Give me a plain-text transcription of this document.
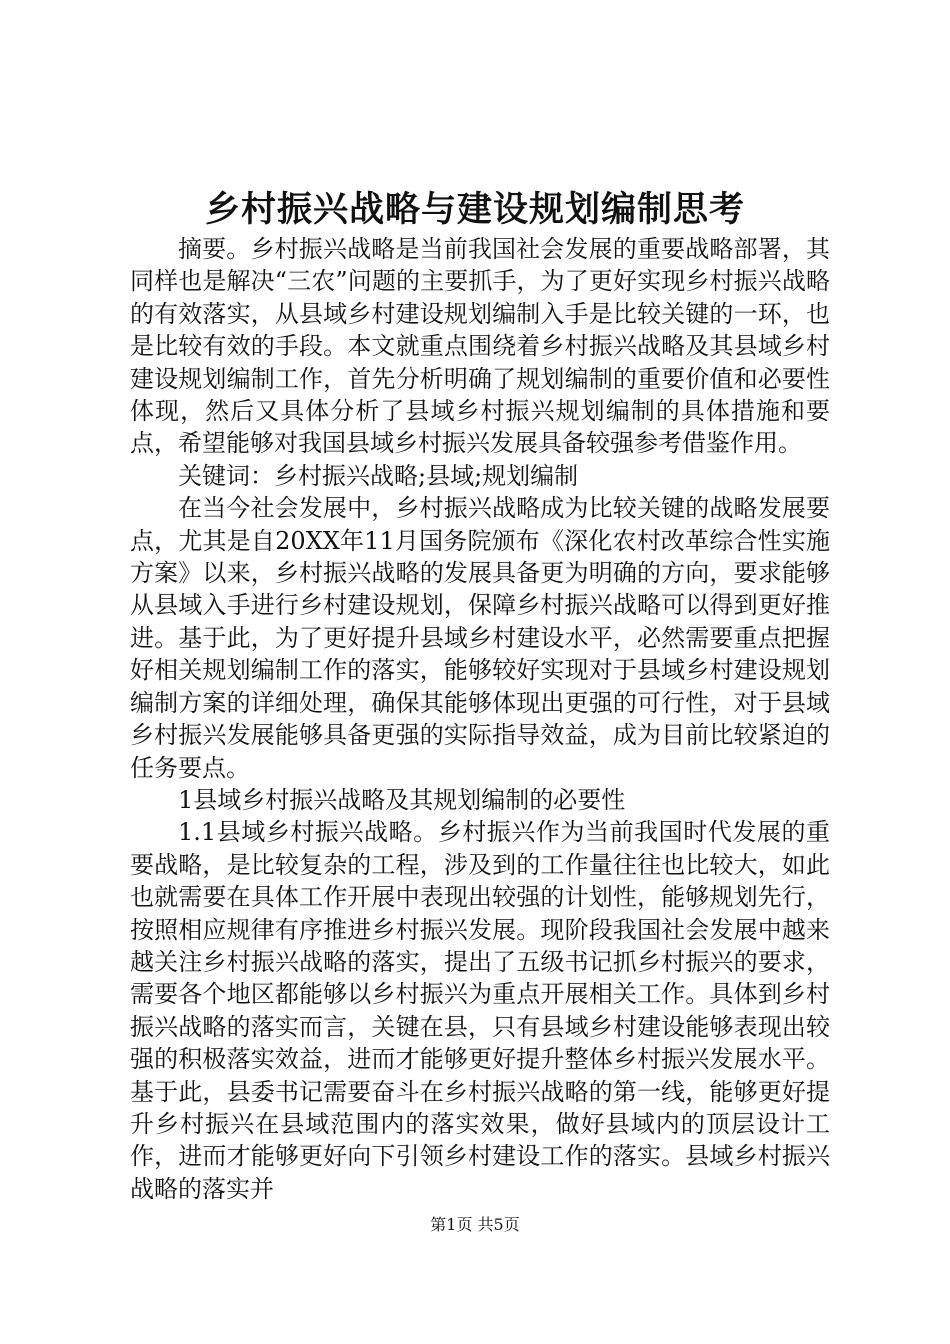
乡村振兴战略与建设规划编制思考

摘要。乡村振兴战略是当前我国社会发展的重要战略部署，其同样也是解决“三农”问题的主要抓手，为了更好实现乡村振兴战略的有效落实，从县域乡村建设规划编制入手是比较关键的一环，也是比较有效的手段。本文就重点围绕着乡村振兴战略及其县域乡村建设规划编制工作，首先分析明确了规划编制的重要价值和必要性体现，然后又具体分析了县域乡村振兴规划编制的具体措施和要点，希望能够对我国县域乡村振兴发展具备较强参考借鉴作用。

关键词：乡村振兴战略;县域;规划编制

在当今社会发展中，乡村振兴战略成为比较关键的战略发展要点，尤其是自20XX年11月国务院颁布《深化农村改革综合性实施方案》以来，乡村振兴战略的发展具备更为明确的方向，要求能够从县域入手进行乡村建设规划，保障乡村振兴战略可以得到更好推进。基于此，为了更好提升县域乡村建设水平，必然需要重点把握好相关规划编制工作的落实，能够较好实现对于县域乡村建设规划编制方案的详细处理，确保其能够体现出更强的可行性，对于县域乡村振兴发展能够具备更强的实际指导效益，成为目前比较紧迫的任务要点。

1县域乡村振兴战略及其规划编制的必要性

1.1县域乡村振兴战略。乡村振兴作为当前我国时代发展的重要战略，是比较复杂的工程，涉及到的工作量往往也比较大，如此也就需要在具体工作开展中表现出较强的计划性，能够规划先行，按照相应规律有序推进乡村振兴发展。现阶段我国社会发展中越来越关注乡村振兴战略的落实，提出了五级书记抓乡村振兴的要求，需要各个地区都能够以乡村振兴为重点开展相关工作。具体到乡村振兴战略的落实而言，关键在县，只有县域乡村建设能够表现出较强的积极落实效益，进而才能够更好提升整体乡村振兴发展水平。基于此，县委书记需要奋斗在乡村振兴战略的第一线，能够更好提升乡村振兴在县域范围内的落实效果，做好县域内的顶层设计工作，进而才能够更好向下引领乡村建设工作的落实。县域乡村振兴战略的落实并

第1页 共5页
